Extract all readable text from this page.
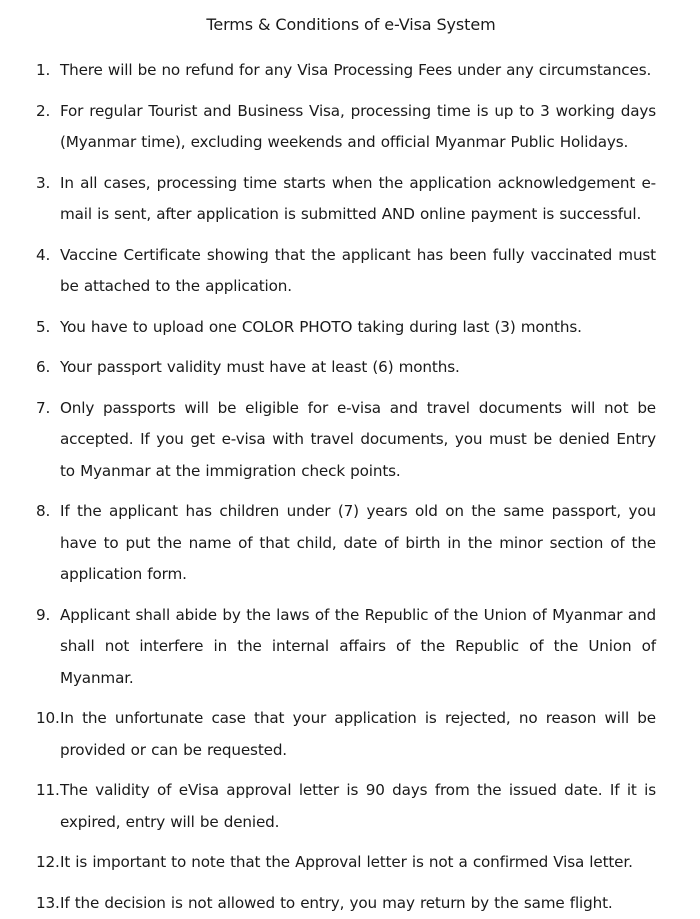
Terms & Conditions of e-Visa System
1. There will be no refund for any Visa Processing Fees under any circumstances.
2. For regular Tourist and Business Visa, processing time is up to 3 working days (Myanmar time), excluding weekends and official Myanmar Public Holidays.
3. In all cases, processing time starts when the application acknowledgement e-mail is sent, after application is submitted AND online payment is successful.
4. Vaccine Certificate showing that the applicant has been fully vaccinated must be attached to the application.
5. You have to upload one COLOR PHOTO taking during last (3) months.
6. Your passport validity must have at least (6) months.
7. Only passports will be eligible for e-visa and travel documents will not be accepted. If you get e-visa with travel documents, you must be denied Entry to Myanmar at the immigration check points.
8. If the applicant has children under (7) years old on the same passport, you have to put the name of that child, date of birth in the minor section of the application form.
9. Applicant shall abide by the laws of the Republic of the Union of Myanmar and shall not interfere in the internal affairs of the Republic of the Union of Myanmar.
10. In the unfortunate case that your application is rejected, no reason will be provided or can be requested.
11. The validity of eVisa approval letter is 90 days from the issued date. If it is expired, entry will be denied.
12. It is important to note that the Approval letter is not a confirmed Visa letter.
13. If the decision is not allowed to entry, you may return by the same flight.
